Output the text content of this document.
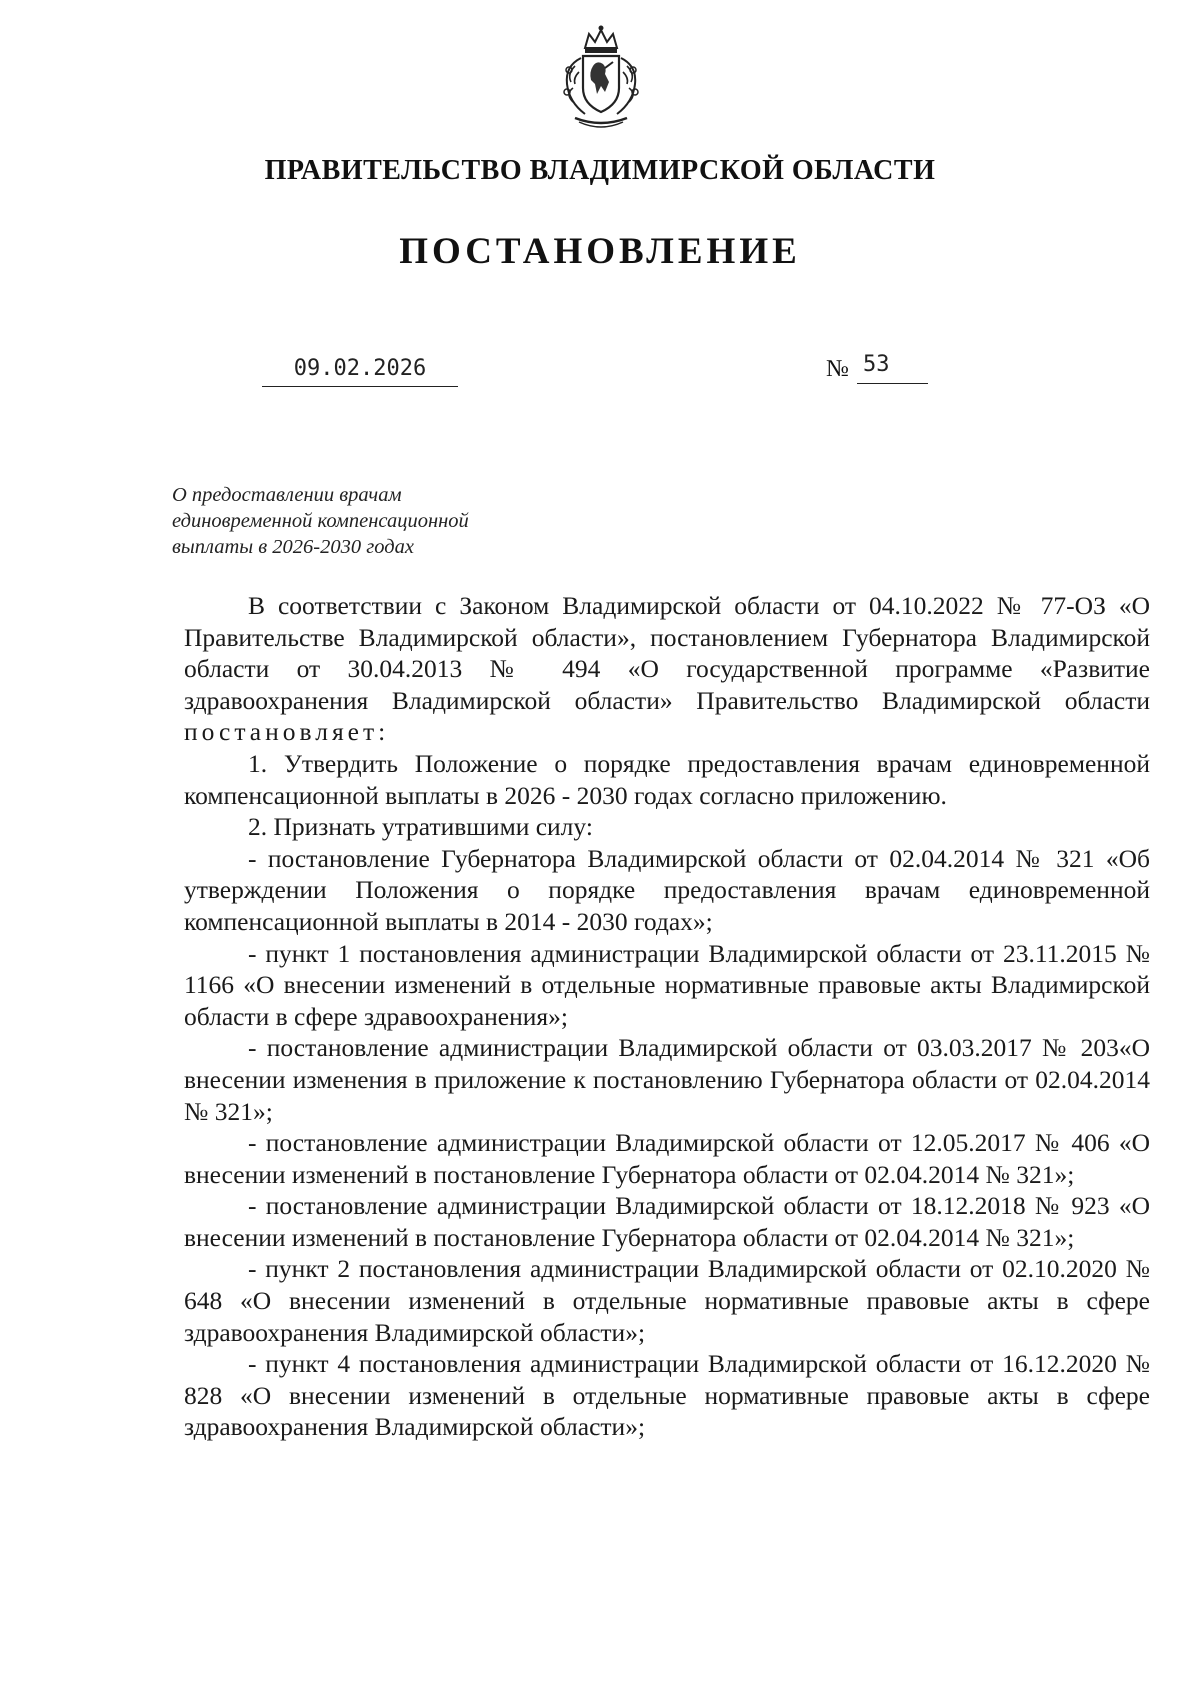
ПРАВИТЕЛЬСТВО ВЛАДИМИРСКОЙ ОБЛАСТИ
ПОСТАНОВЛЕНИЕ
09.02.2026	№ 53
О предоставлении врачам
единовременной компенсационной
выплаты в 2026-2030 годах

В соответствии с Законом Владимирской области от 04.10.2022 № 77-ОЗ «О Правительстве Владимирской области», постановлением Губернатора Владимирской области от 30.04.2013 № 494 «О государственной программе «Развитие здравоохранения Владимирской области» Правительство Владимирской области постановляет:

1. Утвердить Положение о порядке предоставления врачам единовременной компенсационной выплаты в 2026 - 2030 годах согласно приложению.

2. Признать утратившими силу:

- постановление Губернатора Владимирской области от 02.04.2014 № 321 «Об утверждении Положения о порядке предоставления врачам единовременной компенсационной выплаты в 2014 - 2030 годах»;

- пункт 1 постановления администрации Владимирской области от 23.11.2015 № 1166 «О внесении изменений в отдельные нормативные правовые акты Владимирской области в сфере здравоохранения»;

- постановление администрации Владимирской области от 03.03.2017 № 203«О внесении изменения в приложение к постановлению Губернатора области от 02.04.2014 № 321»;

- постановление администрации Владимирской области от 12.05.2017 № 406 «О внесении изменений в постановление Губернатора области от 02.04.2014 № 321»;

- постановление администрации Владимирской области от 18.12.2018 № 923 «О внесении изменений в постановление Губернатора области от 02.04.2014 № 321»;

- пункт 2 постановления администрации Владимирской области от 02.10.2020 № 648 «О внесении изменений в отдельные нормативные правовые акты в сфере здравоохранения Владимирской области»;

- пункт 4 постановления администрации Владимирской области от 16.12.2020 № 828 «О внесении изменений в отдельные нормативные правовые акты в сфере здравоохранения Владимирской области»;
